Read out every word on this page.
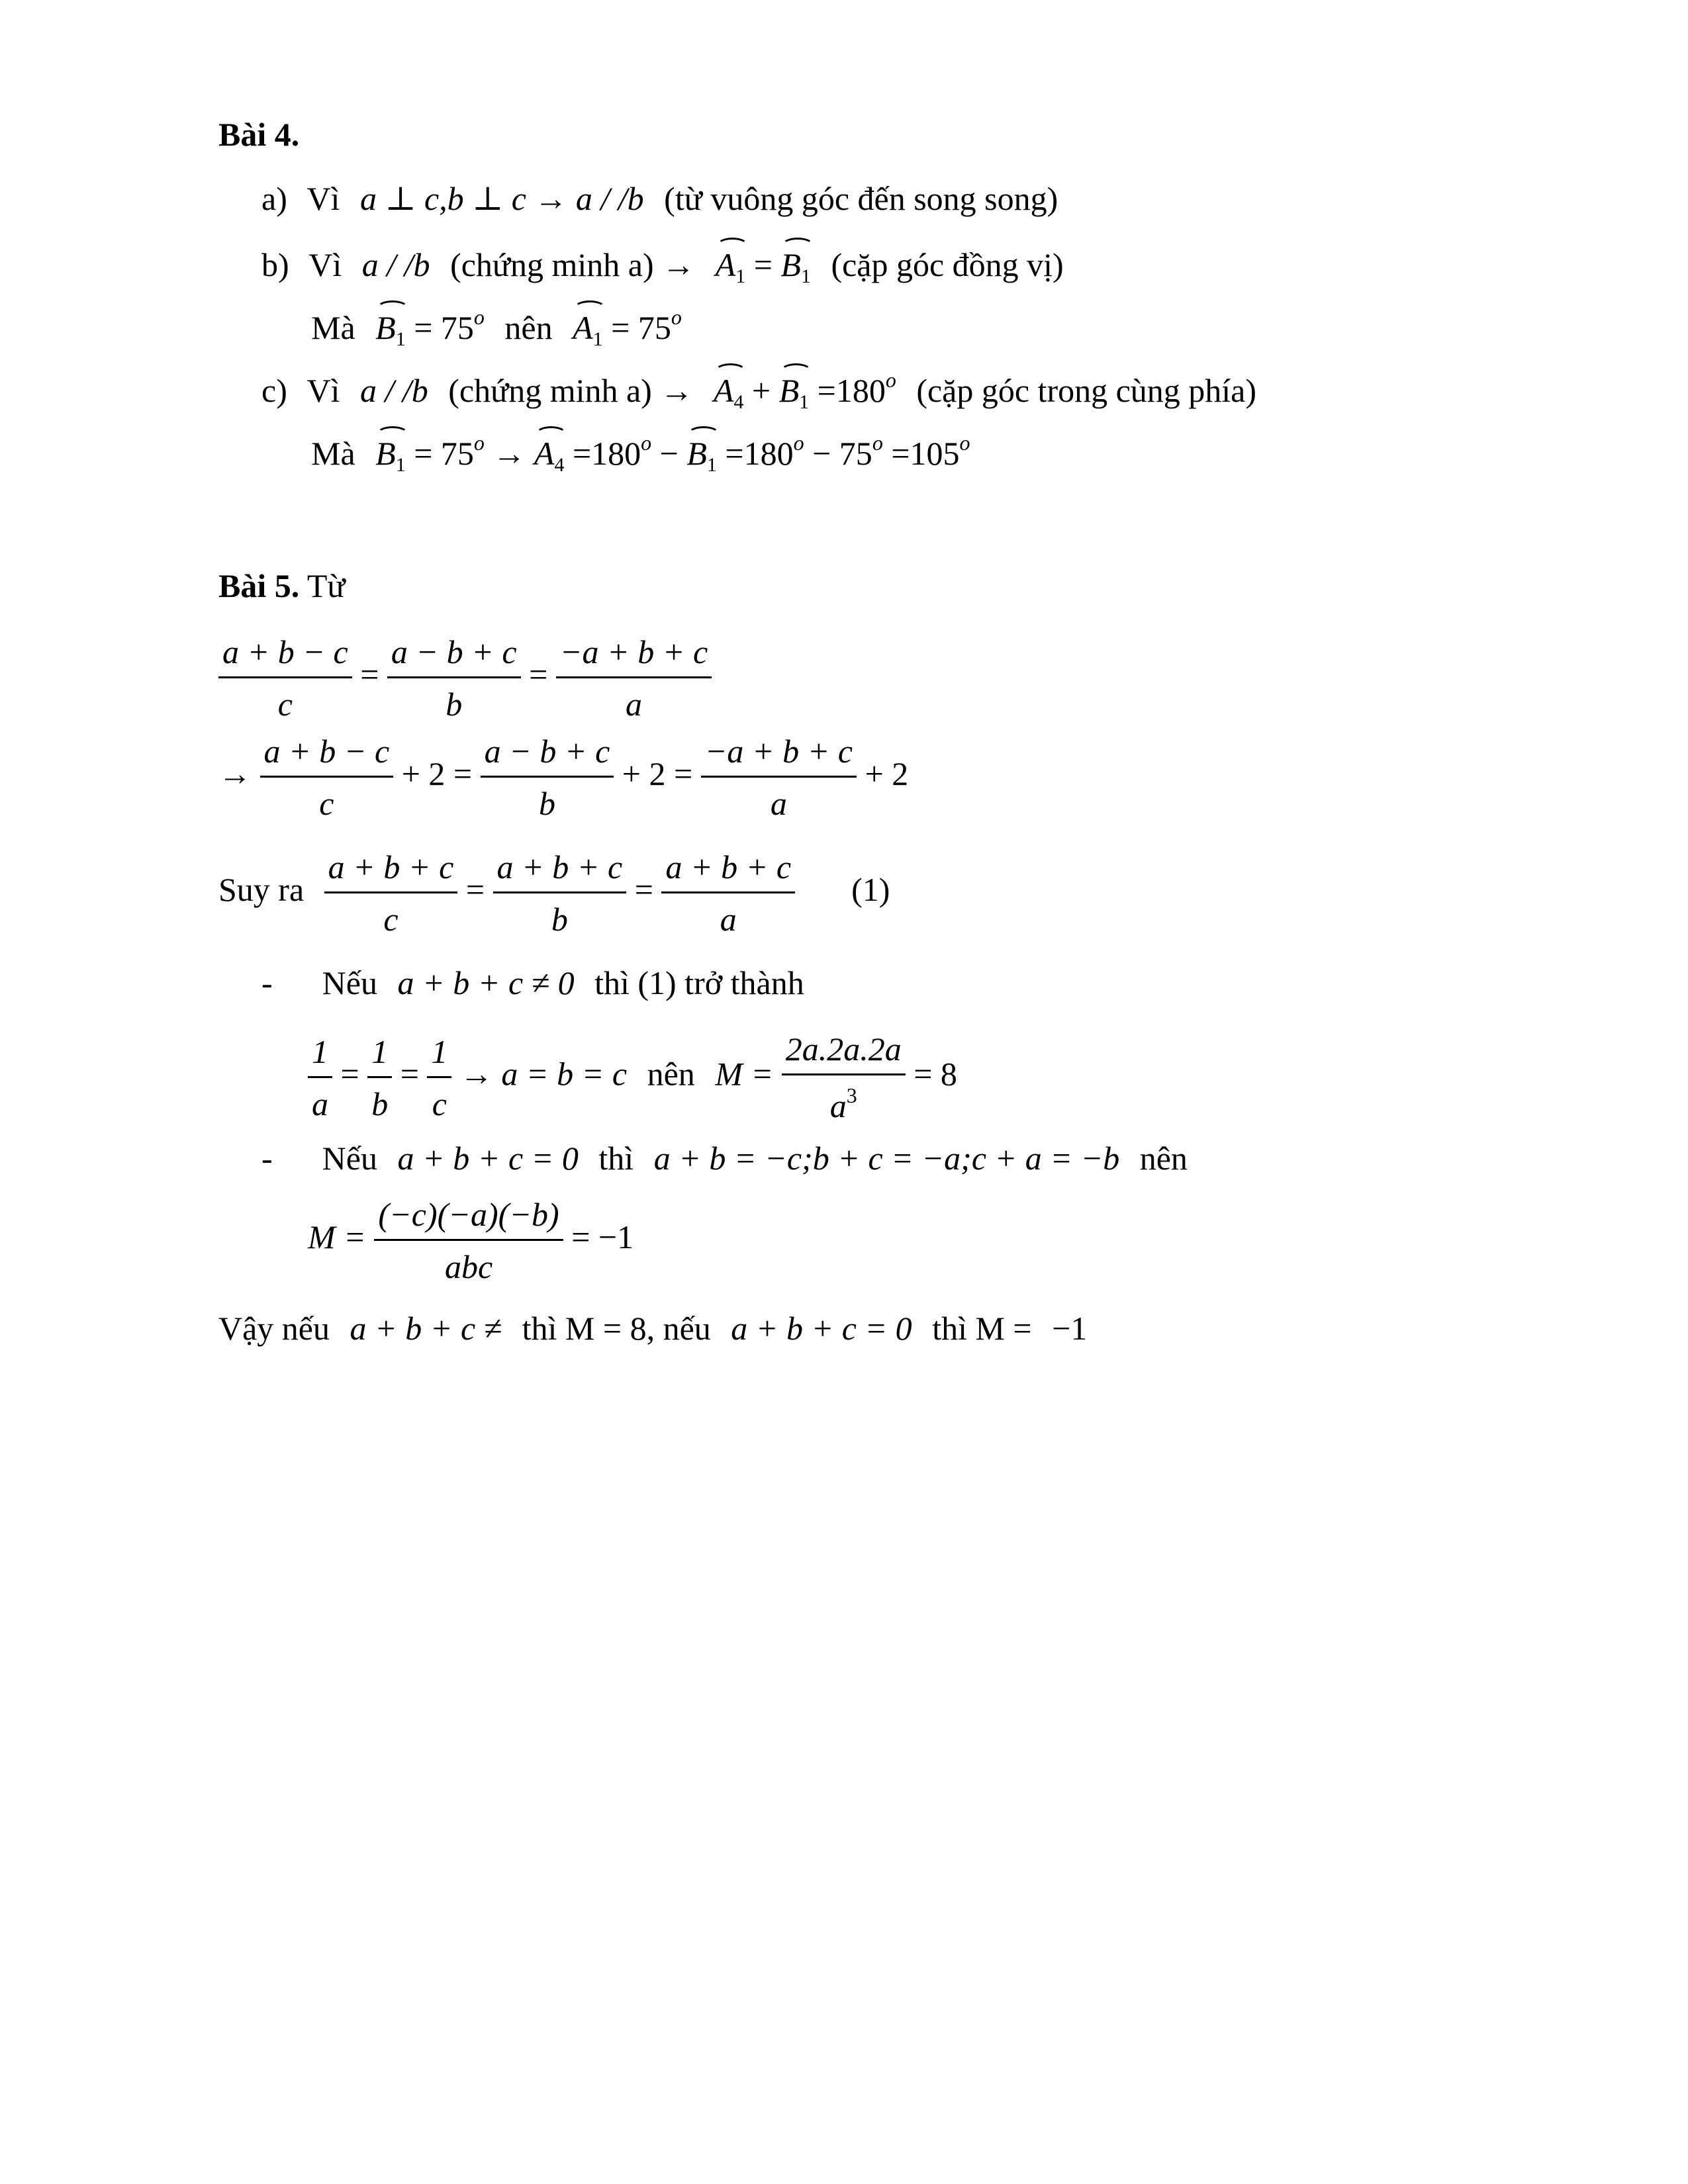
Bài 4.
a) Vì a ⊥ c,b ⊥ c → a / /b (từ vuông góc đến song song)
b) Vì a / /b (chứng minh $a) \to A_1 = B_1$ (cặp góc đồng vị)
Mà $B_1 = 75^o$ nên $A_1 = 75^o$
c) Vì a / /b (chứng minh $a) \to A_4 + B_1 =180^o$ (cặp góc trong cùng phía)
Mà $B_1 = 75^o \to A_4 =180^o - B_1 =180^o - 75^o =105^o$
Bài 5. Từ
$\frac{a + b - c}{c} = \frac{a - b + c}{b} = \frac{-a + b + c}{a}$
→ $\frac{a + b - c}{c} + 2 = \frac{a - b + c}{b} + 2 = \frac{-a + b + c}{a} + 2$
Suy ra $\frac{a + b + c}{c} = \frac{a + b + c}{b} = \frac{a + b + c}{a} (1)$
- Nếu a + b + c ≠ 0 thì (1) trở thành
$\frac{1}{a} = \frac{1}{b} = \frac{1}{c} \to a = b = c$ nên $M = \frac{2a.2a.2a}{a^3} = 8$
- Nếu a + b + c = 0 thì a + b = −c;b + c = −a;c + a = −b nên
$M = \frac{(-c)(-a)(-b)}{\text{abc}} = -1$
Vậy nếu a + b + c ≠ thì M = 8, nếu a + b + c = 0 thì M = −1
